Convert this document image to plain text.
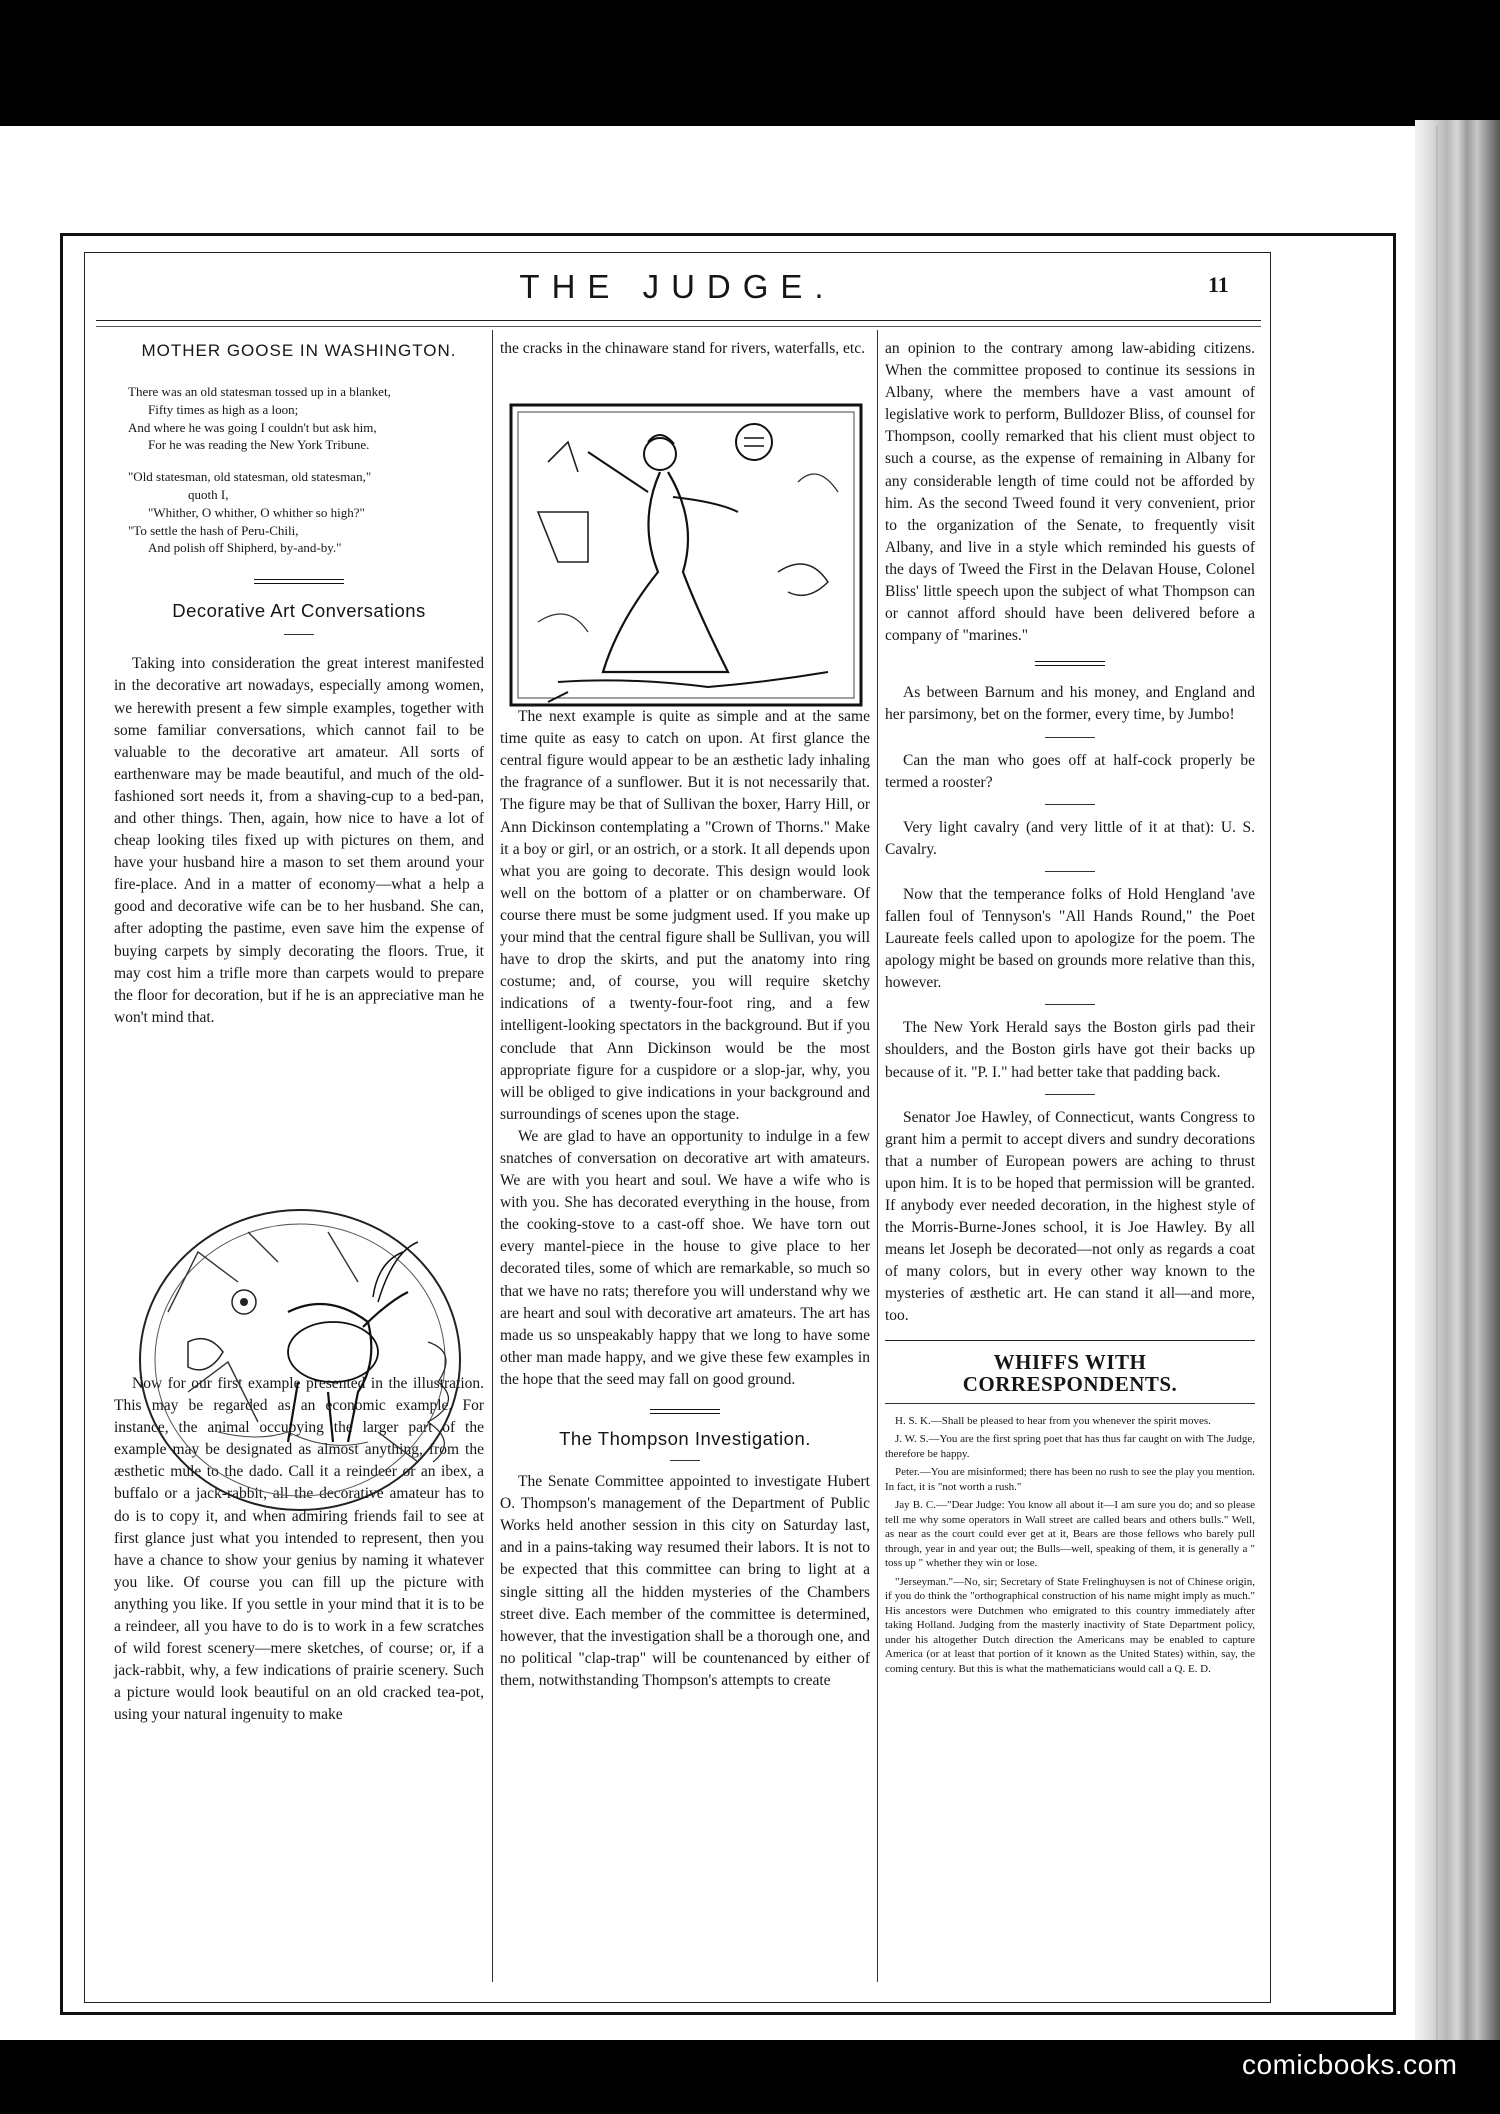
THE JUDGE.	11
MOTHER GOOSE IN WASHINGTON.
There was an old statesman tossed up in a blanket,

Fifty times as high as a loon;
And where he was going I couldn't but ask him,

For he was reading the New York Tribune.
"Old statesman, old statesman, old statesman,"

quoth I,
"Whither, O whither, O whither so high?"
"To settle the hash of Peru-Chili,

And polish off Shipherd, by-and-by."
Decorative Art Conversations

Taking into consideration the great interest manifested in the decorative art nowadays, especially among women, we herewith present a few simple examples, together with some familiar conversations, which cannot fail to be valuable to the decorative art amateur. All sorts of earthenware may be made beautiful, and much of the old-fashioned sort needs it, from a shaving-cup to a bed-pan, and other things. Then, again, how nice to have a lot of cheap looking tiles fixed up with pictures on them, and have your husband hire a mason to set them around your fire-place. And in a matter of economy—what a help a good and decorative wife can be to her husband. She can, after adopting the pastime, even save him the expense of buying carpets by simply decorating the floors. True, it may cost him a trifle more than carpets would to prepare the floor for decoration, but if he is an appreciative man he won't mind that.

Now for our first example presented in the illustration. This may be regarded as an economic example. For instance, the animal occupying the larger part of the example may be designated as almost anything, from the æsthetic mule to the dado. Call it a reindeer or an ibex, a buffalo or a jack-rabbit, all the decorative amateur has to do is to copy it, and when admiring friends fail to see at first glance just what you intended to represent, then you have a chance to show your genius by naming it whatever you like. Of course you can fill up the picture with anything you like. If you settle in your mind that it is to be a reindeer, all you have to do is to work in a few scratches of wild forest scenery—mere sketches, of course; or, if a jack-rabbit, why, a few indications of prairie scenery. Such a picture would look beautiful on an old cracked tea-pot, using your natural ingenuity to make

the cracks in the chinaware stand for rivers, waterfalls, etc.

The next example is quite as simple and at the same time quite as easy to catch on upon. At first glance the central figure would appear to be an æsthetic lady inhaling the fragrance of a sunflower. But it is not necessarily that. The figure may be that of Sullivan the boxer, Harry Hill, or Ann Dickinson contemplating a "Crown of Thorns." Make it a boy or girl, or an ostrich, or a stork. It all depends upon what you are going to decorate. This design would look well on the bottom of a platter or on chamberware. Of course there must be some judgment used. If you make up your mind that the central figure shall be Sullivan, you will have to drop the skirts, and put the anatomy into ring costume; and, of course, you will require sketchy indications of a twenty-four-foot ring, and a few intelligent-looking spectators in the background. But if you conclude that Ann Dickinson would be the most appropriate figure for a cuspidore or a slop-jar, why, you will be obliged to give indications in your background and surroundings of scenes upon the stage.

We are glad to have an opportunity to indulge in a few snatches of conversation on decorative art with amateurs. We are with you heart and soul. We have a wife who is with you. She has decorated everything in the house, from the cooking-stove to a cast-off shoe. We have torn out every mantel-piece in the house to give place to her decorated tiles, some of which are remarkable, so much so that we have no rats; therefore you will understand why we are heart and soul with decorative art amateurs. The art has made us so unspeakably happy that we long to have some other man made happy, and we give these few examples in the hope that the seed may fall on good ground.

The Thompson Investigation.

The Senate Committee appointed to investigate Hubert O. Thompson's management of the Department of Public Works held another session in this city on Saturday last, and in a pains-taking way resumed their labors. It is not to be expected that this committee can bring to light at a single sitting all the hidden mysteries of the Chambers street dive. Each member of the committee is determined, however, that the investigation shall be a thorough one, and no political "clap-trap" will be countenanced by either of them, notwithstanding Thompson's attempts to create

an opinion to the contrary among law-abiding citizens. When the committee proposed to continue its sessions in Albany, where the members have a vast amount of legislative work to perform, Bulldozer Bliss, of counsel for Thompson, coolly remarked that his client must object to such a course, as the expense of remaining in Albany for any considerable length of time could not be afforded by him. As the second Tweed found it very convenient, prior to the organization of the Senate, to frequently visit Albany, and live in a style which reminded his guests of the days of Tweed the First in the Delavan House, Colonel Bliss' little speech upon the subject of what Thompson can or cannot afford should have been delivered before a company of "marines."

As between Barnum and his money, and England and her parsimony, bet on the former, every time, by Jumbo!

Can the man who goes off at half-cock properly be termed a rooster?

Very light cavalry (and very little of it at that): U. S. Cavalry.

Now that the temperance folks of Hold Hengland 'ave fallen foul of Tennyson's "All Hands Round," the Poet Laureate feels called upon to apologize for the poem. The apology might be based on grounds more relative than this, however.

The New York Herald says the Boston girls pad their shoulders, and the Boston girls have got their backs up because of it. "P. I." had better take that padding back.

Senator Joe Hawley, of Connecticut, wants Congress to grant him a permit to accept divers and sundry decorations that a number of European powers are aching to thrust upon him. It is to be hoped that permission will be granted. If anybody ever needed decoration, in the highest style of the Morris-Burne-Jones school, it is Joe Hawley. By all means let Joseph be decorated—not only as regards a coat of many colors, but in every other way known to the mysteries of æsthetic art. He can stand it all—and more, too.

WHIFFS WITH CORRESPONDENTS.

H. S. K.—Shall be pleased to hear from you whenever the spirit moves.

J. W. S.—You are the first spring poet that has thus far caught on with The Judge, therefore be happy.

Peter.—You are misinformed; there has been no rush to see the play you mention. In fact, it is "not worth a rush."

Jay B. C.—"Dear Judge: You know all about it—I am sure you do; and so please tell me why some operators in Wall street are called bears and others bulls." Well, as near as the court could ever get at it, Bears are those fellows who barely pull through, year in and year out; the Bulls—well, speaking of them, it is generally a " toss up " whether they win or lose.

"Jerseyman."—No, sir; Secretary of State Frelinghuysen is not of Chinese origin, if you do think the "orthographical construction of his name might imply as much." His ancestors were Dutchmen who emigrated to this country immediately after taking Holland. Judging from the masterly inactivity of State Department policy, under his altogether Dutch direction the Americans may be enabled to capture America (or at least that portion of it known as the United States) within, say, the coming century. But this is what the mathematicians would call a Q. E. D.

comicbooks.com
